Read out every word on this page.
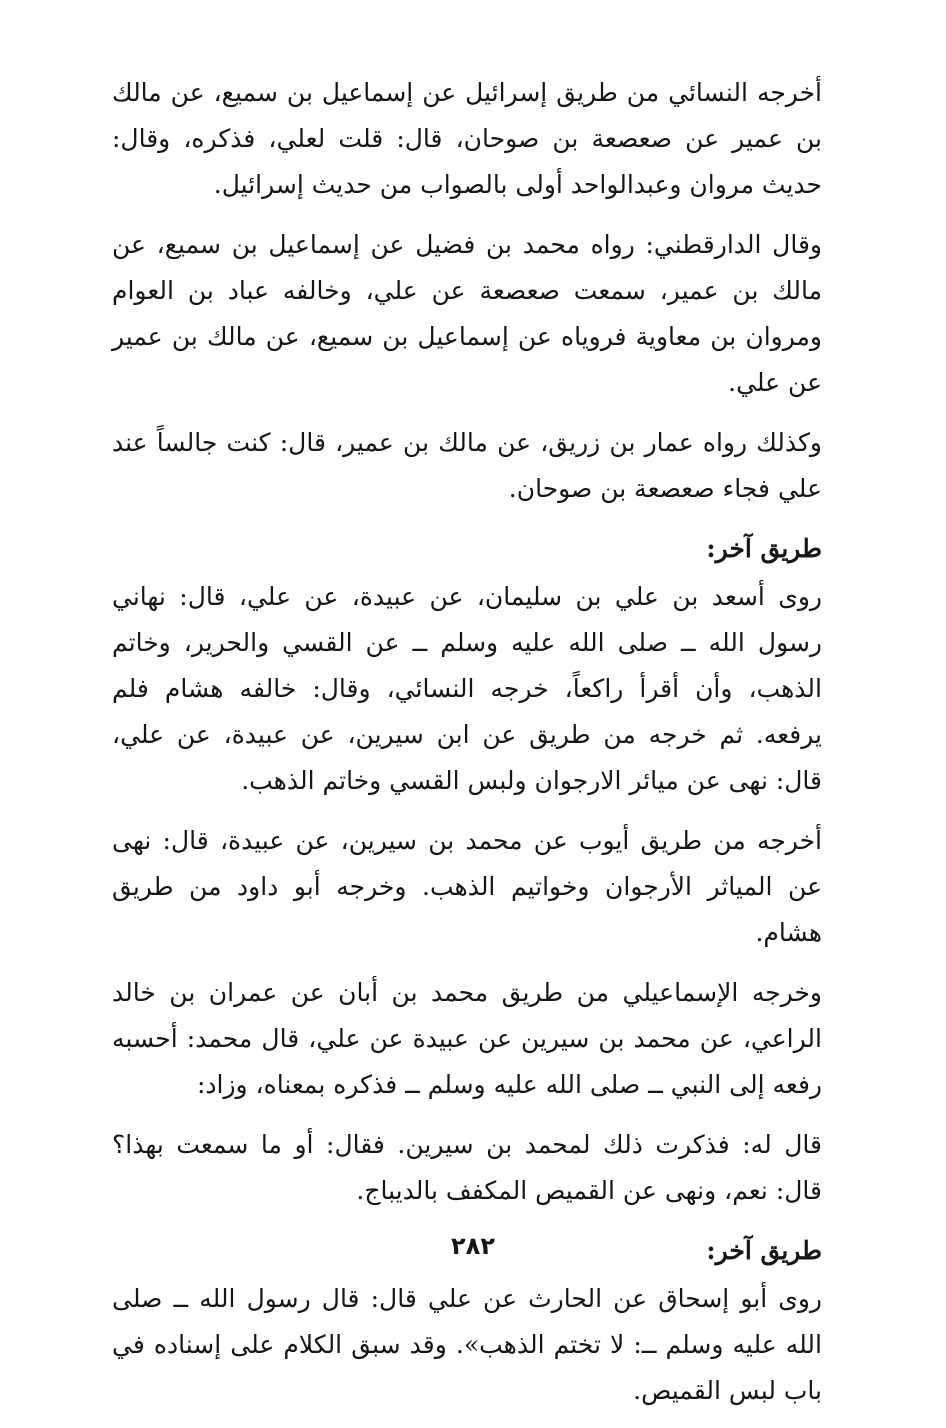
أخرجه النسائي من طريق إسرائيل عن إسماعيل بن سميع، عن مالك بن عمير عن صعصعة بن صوحان، قال: قلت لعلي، فذكره، وقال: حديث مروان وعبدالواحد أولى بالصواب من حديث إسرائيل.

وقال الدارقطني: رواه محمد بن فضيل عن إسماعيل بن سميع، عن مالك بن عمير، سمعت صعصعة عن علي، وخالفه عباد بن العوام ومروان بن معاوية فروياه عن إسماعيل بن سميع، عن مالك بن عمير عن علي.

وكذلك رواه عمار بن زريق، عن مالك بن عمير، قال: كنت جالساً عند علي فجاء صعصعة بن صوحان.

طريق آخر:

روى أسعد بن علي بن سليمان، عن عبيدة، عن علي، قال: نهاني رسول الله ــ صلى الله عليه وسلم ــ عن القسي والحرير، وخاتم الذهب، وأن أقرأ راكعاً، خرجه النسائي، وقال: خالفه هشام فلم يرفعه. ثم خرجه من طريق عن ابن سيرين، عن عبيدة، عن علي، قال: نهى عن ميائر الارجوان ولبس القسي وخاتم الذهب.

أخرجه من طريق أيوب عن محمد بن سيرين، عن عبيدة، قال: نهى عن المياثر الأرجوان وخواتيم الذهب. وخرجه أبو داود من طريق هشام.

وخرجه الإسماعيلي من طريق محمد بن أبان عن عمران بن خالد الراعي، عن محمد بن سيرين عن عبيدة عن علي، قال محمد: أحسبه رفعه إلى النبي ــ صلى الله عليه وسلم ــ فذكره بمعناه، وزاد:

قال له: فذكرت ذلك لمحمد بن سيرين. فقال: أو ما سمعت بهذا؟ قال: نعم، ونهى عن القميص المكفف بالديباج.

طريق آخر:

روى أبو إسحاق عن الحارث عن علي قال: قال رسول الله ــ صلى الله عليه وسلم ــ: لا تختم الذهب». وقد سبق الكلام على إسناده في باب لبس القميص.

٢٨٢
